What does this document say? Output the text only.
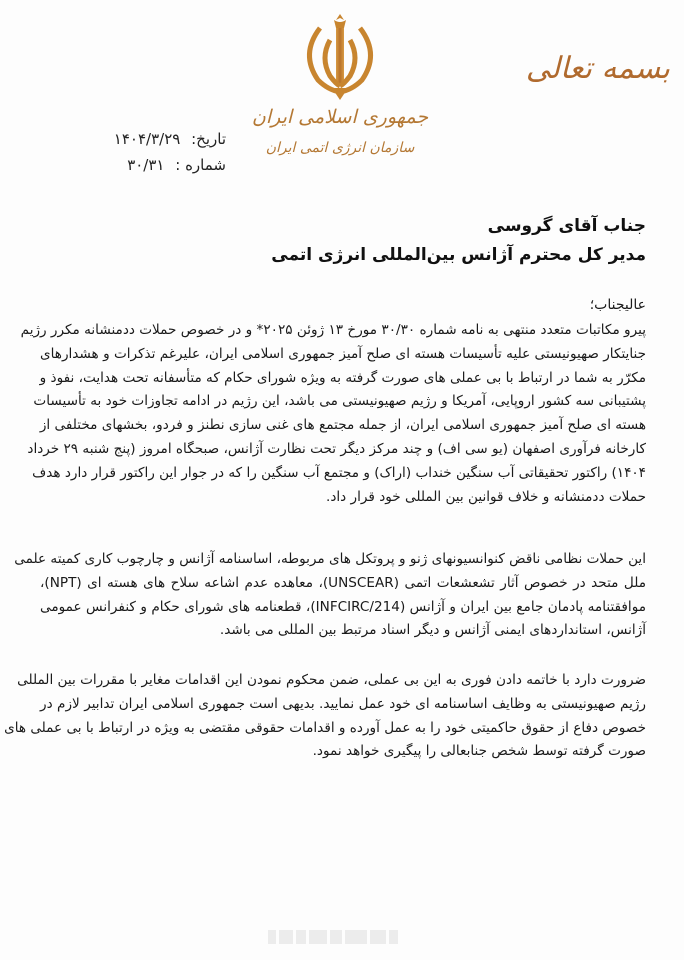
بسمه تعالی
جمهوری اسلامی ایران
سازمان انرژی اتمی ایران
تاریخ: ۱۴۰۴/۳/۲۹
شماره : ۳۰/۳۱
جناب آقای گروسی
مدیر کل محترم آژانس بین‌المللی انرژی اتمی
عالیجناب؛
پیرو مکاتبات متعدد منتهی به نامه شماره ۳۰/۳۰ مورخ ۱۳ ژوئن ۲۰۲۵* و در خصوص حملات ددمنشانه مکرر رژیم
جنایتکار صهیونیستی علیه تأسیسات هسته ای صلح آمیز جمهوری اسلامی ایران، علیرغم تذکرات و هشدارهای
مکرّر به شما در ارتباط با بی عملی های صورت گرفته به ویژه شورای حکام که متأسفانه تحت هدایت، نفوذ و
پشتیبانی سه کشور اروپایی، آمریکا و رژیم صهیونیستی می باشد، این رژیم در ادامه تجاوزات خود به تأسیسات
هسته ای صلح آمیز جمهوری اسلامی ایران، از جمله مجتمع های غنی سازی نطنز و فردو، بخشهای مختلفی از
کارخانه فرآوری اصفهان (یو سی اف) و چند مرکز دیگر تحت نظارت آژانس، صبحگاه امروز (پنج شنبه ۲۹ خرداد
۱۴۰۴) راکتور تحقیقاتی آب سنگین خنداب (اراک) و مجتمع آب سنگین را که در جوار این راکتور قرار دارد هدف
حملات ددمنشانه و خلاف قوانین بین المللی خود قرار داد.
این حملات نظامی ناقض کنوانسیونهای ژنو و پروتکل های مربوطه، اساسنامه آژانس و چارچوب کاری کمیته علمی
ملل متحد در خصوص آثار تشعشعات اتمی (UNSCEAR)، معاهده عدم اشاعه سلاح های هسته ای (NPT)،
موافقتنامه پادمان جامع بین ایران و آژانس (INFCIRC/214)، قطعنامه های شورای حکام و کنفرانس عمومی
آژانس، استانداردهای ایمنی آژانس و دیگر اسناد مرتبط بین المللی می باشد.
ضرورت دارد با خاتمه دادن فوری به این بی عملی، ضمن محکوم نمودن این اقدامات مغایر با مقررات بین المللی
رژیم صهیونیستی به وظایف اساسنامه ای خود عمل نمایید. بدیهی است جمهوری اسلامی ایران تدابیر لازم در
خصوص دفاع از حقوق حاکمیتی خود را به عمل آورده و اقدامات حقوقی مقتضی به ویژه در ارتباط با بی عملی های
صورت گرفته توسط شخص جنابعالی را پیگیری خواهد نمود.
